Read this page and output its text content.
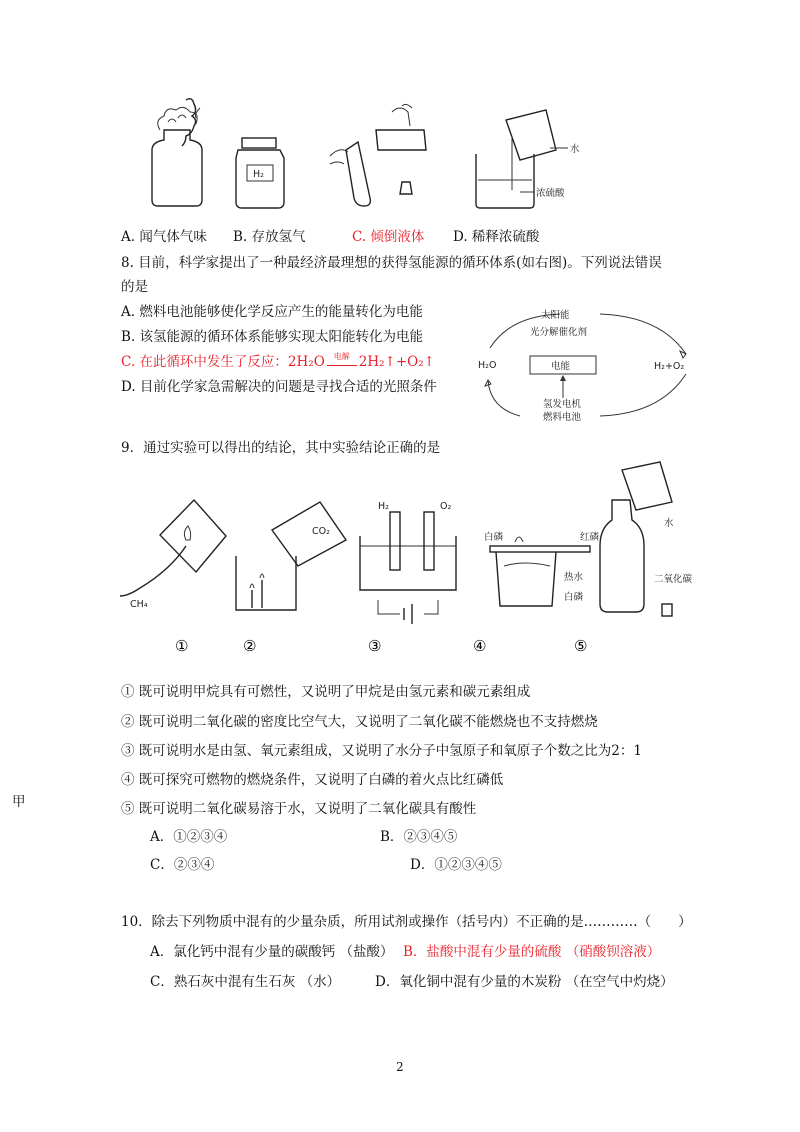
H₂
水
浓硫酸
A. 闻气体气味 B. 存放氢气	C. 倾倒液体 D. 稀释浓硫酸
8. 目前，科学家提出了一种最经济最理想的获得氢能源的循环体系(如右图)。下列说法错误
的是
A. 燃料电池能够使化学反应产生的能量转化为电能
B. 该氢能源的循环体系能够实现太阳能转化为电能
C. 在此循环中发生了反应：2H₂O	电解 2H₂↑+O₂↑
D. 目前化学家急需解决的问题是寻找合适的光照条件
太阳能
光分解催化剂
H₂O	电能	H₂+O₂
氢发电机
燃料电池
9．通过实验可以得出的结论，其中实验结论正确的是
CH₄
CO₂
H₂	O₂
白磷	红磷
热水
白磷
水
二氧化碳
①	②	③	④	⑤
① 既可说明甲烷具有可燃性，又说明了甲烷是由氢元素和碳元素组成
② 既可说明二氧化碳的密度比空气大，又说明了二氧化碳不能燃烧也不支持燃烧
③ 既可说明水是由氢、氧元素组成，又说明了水分子中氢原子和氧原子个数之比为2：1
④ 既可探究可燃物的燃烧条件，又说明了白磷的着火点比红磷低
甲	⑤ 既可说明二氧化碳易溶于水，又说明了二氧化碳具有酸性
A．①②③④	B．②③④⑤
C．②③④	D．①②③④⑤
10．除去下列物质中混有的少量杂质，所用试剂或操作（括号内）不正确的是…………（　　）
A．氯化钙中混有少量的碳酸钙 （盐酸） B．盐酸中混有少量的硫酸 （硝酸钡溶液）
C．熟石灰中混有生石灰 （水）	D．氧化铜中混有少量的木炭粉 （在空气中灼烧）
2
